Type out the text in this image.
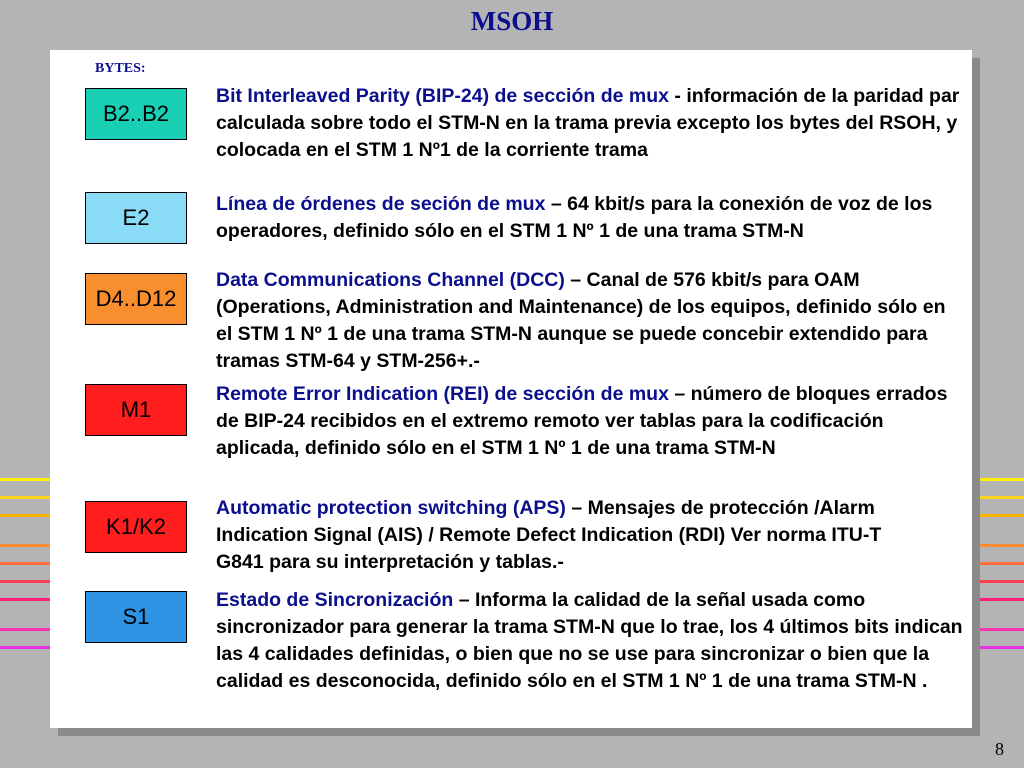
MSOH
BYTES:
B2..B2
Bit Interleaved Parity (BIP-24) de sección de mux - información de la paridad par calculada sobre todo el STM-N en la trama previa excepto los bytes del RSOH, y colocada en el STM 1 Nº1 de la corriente trama
E2
Línea de órdenes de seción de mux – 64 kbit/s para la conexión de voz de los operadores, definido sólo en el STM 1 Nº 1 de una trama STM-N
D4..D12
Data Communications Channel (DCC) – Canal de 576 kbit/s para OAM (Operations, Administration and Maintenance) de los equipos, definido sólo en el STM 1 Nº 1 de una trama STM-N aunque se puede concebir extendido para tramas STM-64 y STM-256+.-
M1
Remote Error Indication (REI) de sección de mux – número de bloques errados de BIP-24 recibidos en el extremo remoto ver tablas para la codificación aplicada, definido sólo en el STM 1 Nº 1 de una trama STM-N
K1/K2
Automatic protection switching (APS) – Mensajes de protección /Alarm Indication Signal (AIS) / Remote Defect Indication (RDI) Ver norma ITU-T G841 para su interpretación y tablas.-
S1
Estado de Sincronización – Informa la calidad de la señal usada como sincronizador para generar la trama STM-N que lo trae, los 4 últimos bits indican las 4 calidades definidas, o bien que no se use para sincronizar o bien que la calidad es desconocida, definido sólo en el STM 1 Nº 1 de una trama STM-N .
8
